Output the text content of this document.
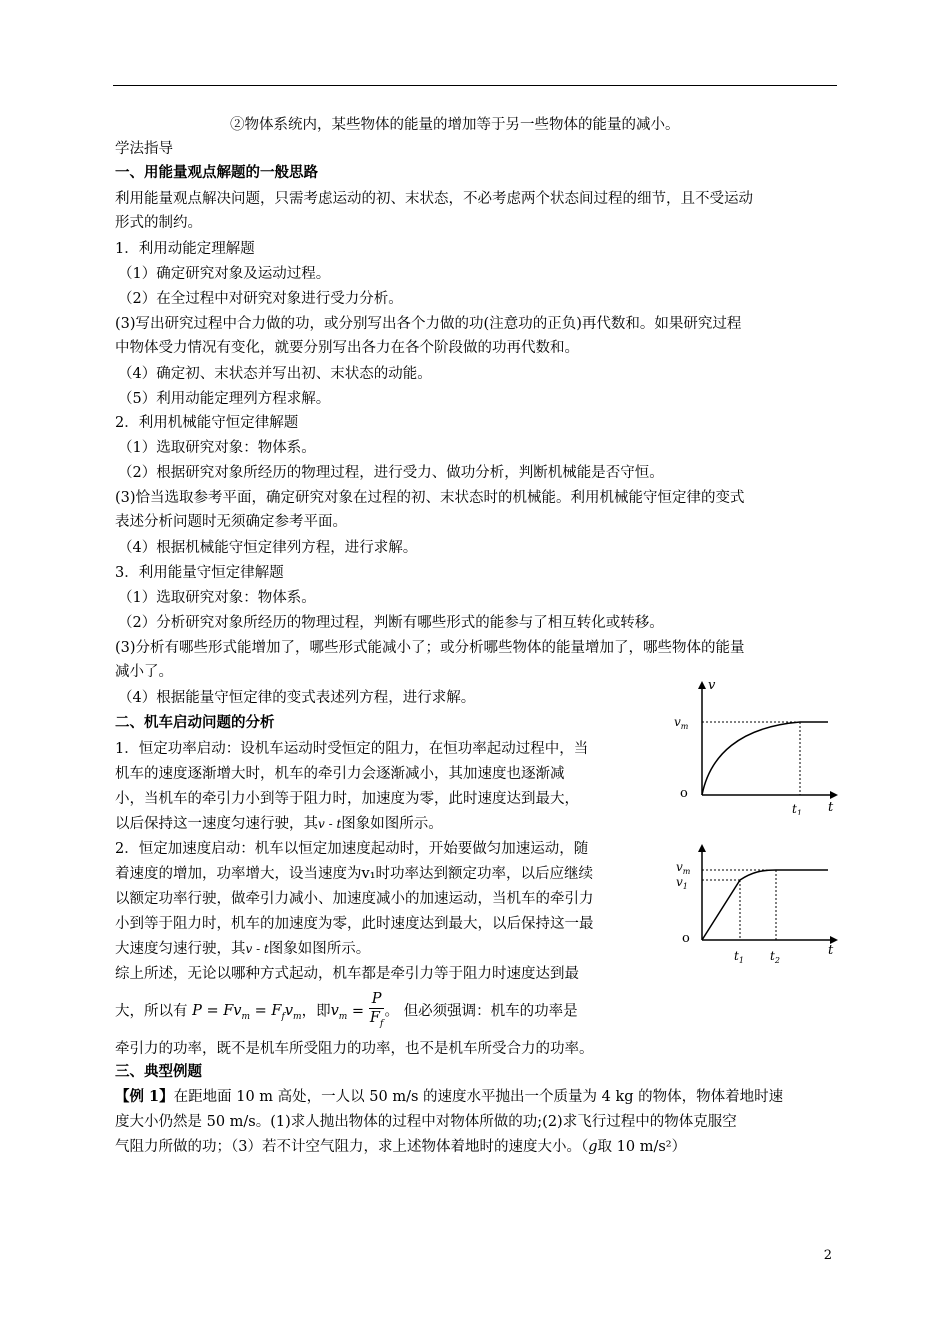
②物体系统内，某些物体的能量的增加等于另一些物体的能量的减小。
学法指导
一、用能量观点解题的一般思路
利用能量观点解决问题，只需考虑运动的初、末状态，不必考虑两个状态间过程的细节，且不受运动
形式的制约。
1．利用动能定理解题
（1）确定研究对象及运动过程。
（2）在全过程中对研究对象进行受力分析。
(3)写出研究过程中合力做的功，或分别写出各个力做的功(注意功的正负)再代数和。如果研究过程
中物体受力情况有变化，就要分别写出各力在各个阶段做的功再代数和。
（4）确定初、末状态并写出初、末状态的动能。
（5）利用动能定理列方程求解。
2．利用机械能守恒定律解题
（1）选取研究对象：物体系。
（2）根据研究对象所经历的物理过程，进行受力、做功分析，判断机械能是否守恒。
(3)恰当选取参考平面，确定研究对象在过程的初、末状态时的机械能。利用机械能守恒定律的变式
表述分析问题时无须确定参考平面。
（4）根据机械能守恒定律列方程，进行求解。
3．利用能量守恒定律解题
（1）选取研究对象：物体系。
（2）分析研究对象所经历的物理过程，判断有哪些形式的能参与了相互转化或转移。
(3)分析有哪些形式能增加了，哪些形式能减小了；或分析哪些物体的能量增加了，哪些物体的能量
减小了。
（4）根据能量守恒定律的变式表述列方程，进行求解。
二、机车启动问题的分析
1．恒定功率启动：设机车运动时受恒定的阻力，在恒功率起动过程中，当
机车的速度逐渐增大时，机车的牵引力会逐渐减小，其加速度也逐渐减
小，当机车的牵引力小到等于阻力时，加速度为零，此时速度达到最大，
以后保持这一速度匀速行驶，其v - t图象如图所示。
2．恒定加速度启动：机车以恒定加速度起动时，开始要做匀加速运动，随
着速度的增加，功率增大，设当速度为v₁时功率达到额定功率，以后应继续
以额定功率行驶，做牵引力减小、加速度减小的加速运动，当机车的牵引力
小到等于阻力时，机车的加速度为零，此时速度达到最大，以后保持这一最
大速度匀速行驶，其v - t图象如图所示。
综上所述，无论以哪种方式起动，机车都是牵引力等于阻力时速度达到最
大，所以有 $P = Fv_m = F_fv_m$，即$v_m = \frac{P}{F_f}$ 。 但必须强调：机车的功率是
牵引力的功率，既不是机车所受阻力的功率，也不是机车所受合力的功率。
三、典型例题
【例 1】在距地面 10 m 高处，一人以 50 m/s 的速度水平抛出一个质量为 4 kg 的物体，物体着地时速
度大小仍然是 50 m/s。(1)求人抛出物体的过程中对物体所做的功;(2)求飞行过程中的物体克服空
气阻力所做的功；（3）若不计空气阻力，求上述物体着地时的速度大小。（g取 10 m/s²）
v
t
o
$v_m$
$t_1$
t
o
$v_m$
$v_1$
$t_1$ $t_2$
2
